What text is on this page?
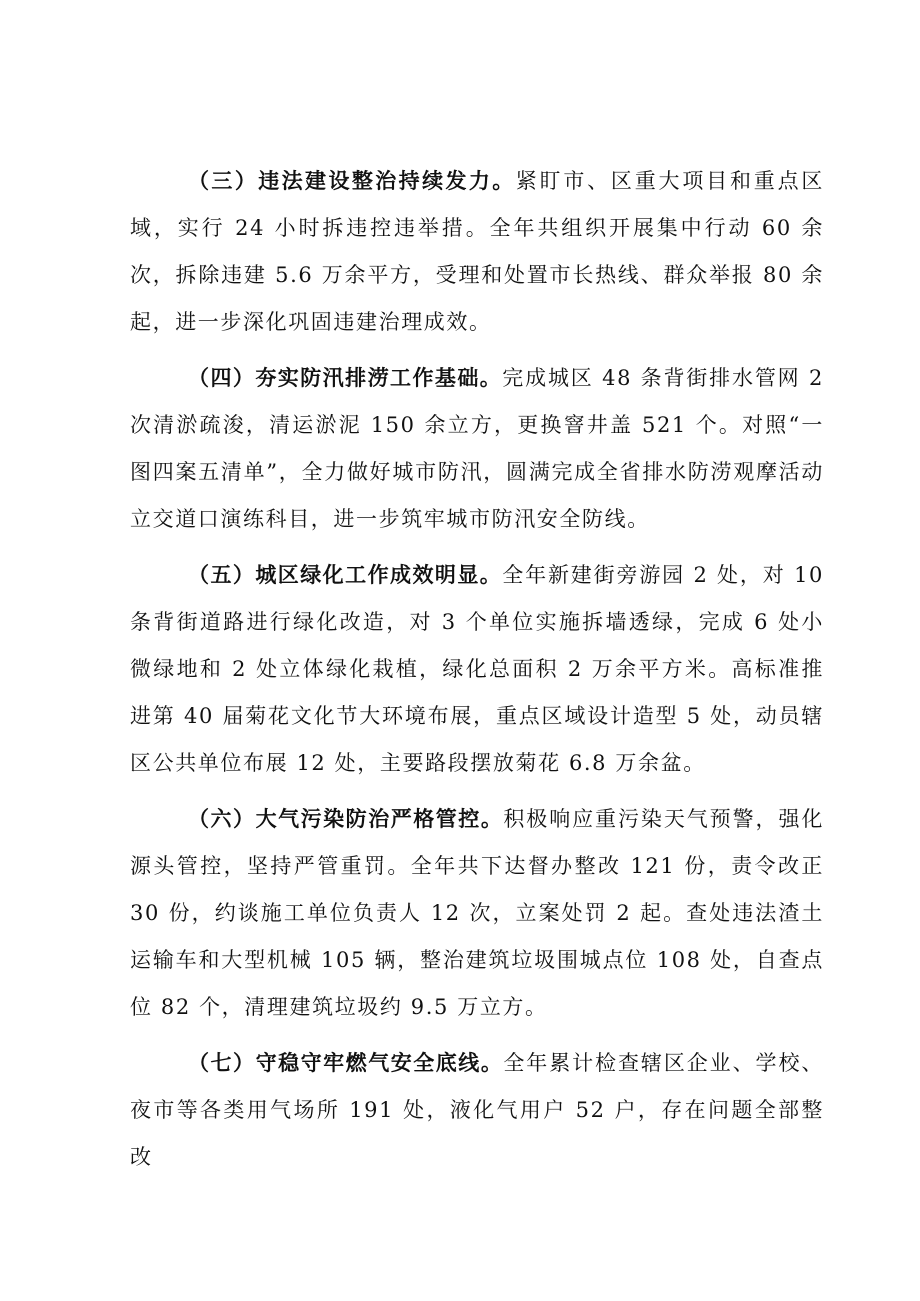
（三）违法建设整治持续发力。紧盯市、区重大项目和重点区域，实行 24 小时拆违控违举措。全年共组织开展集中行动 60 余次，拆除违建 5.6 万余平方，受理和处置市长热线、群众举报 80 余起，进一步深化巩固违建治理成效。

（四）夯实防汛排涝工作基础。完成城区 48 条背街排水管网 2 次清淤疏浚，清运淤泥 150 余立方，更换窨井盖 521 个。对照“一图四案五清单”，全力做好城市防汛，圆满完成全省排水防涝观摩活动立交道口演练科目，进一步筑牢城市防汛安全防线。

（五）城区绿化工作成效明显。全年新建街旁游园 2 处，对 10 条背街道路进行绿化改造，对 3 个单位实施拆墙透绿，完成 6 处小微绿地和 2 处立体绿化栽植，绿化总面积 2 万余平方米。高标准推进第 40 届菊花文化节大环境布展，重点区域设计造型 5 处，动员辖区公共单位布展 12 处，主要路段摆放菊花 6.8 万余盆。

（六）大气污染防治严格管控。积极响应重污染天气预警，强化源头管控，坚持严管重罚。全年共下达督办整改 121 份，责令改正 30 份，约谈施工单位负责人 12 次，立案处罚 2 起。查处违法渣土运输车和大型机械 105 辆，整治建筑垃圾围城点位 108 处，自查点位 82 个，清理建筑垃圾约 9.5 万立方。

（七）守稳守牢燃气安全底线。全年累计检查辖区企业、学校、夜市等各类用气场所 191 处，液化气用户 52 户，存在问题全部整改
